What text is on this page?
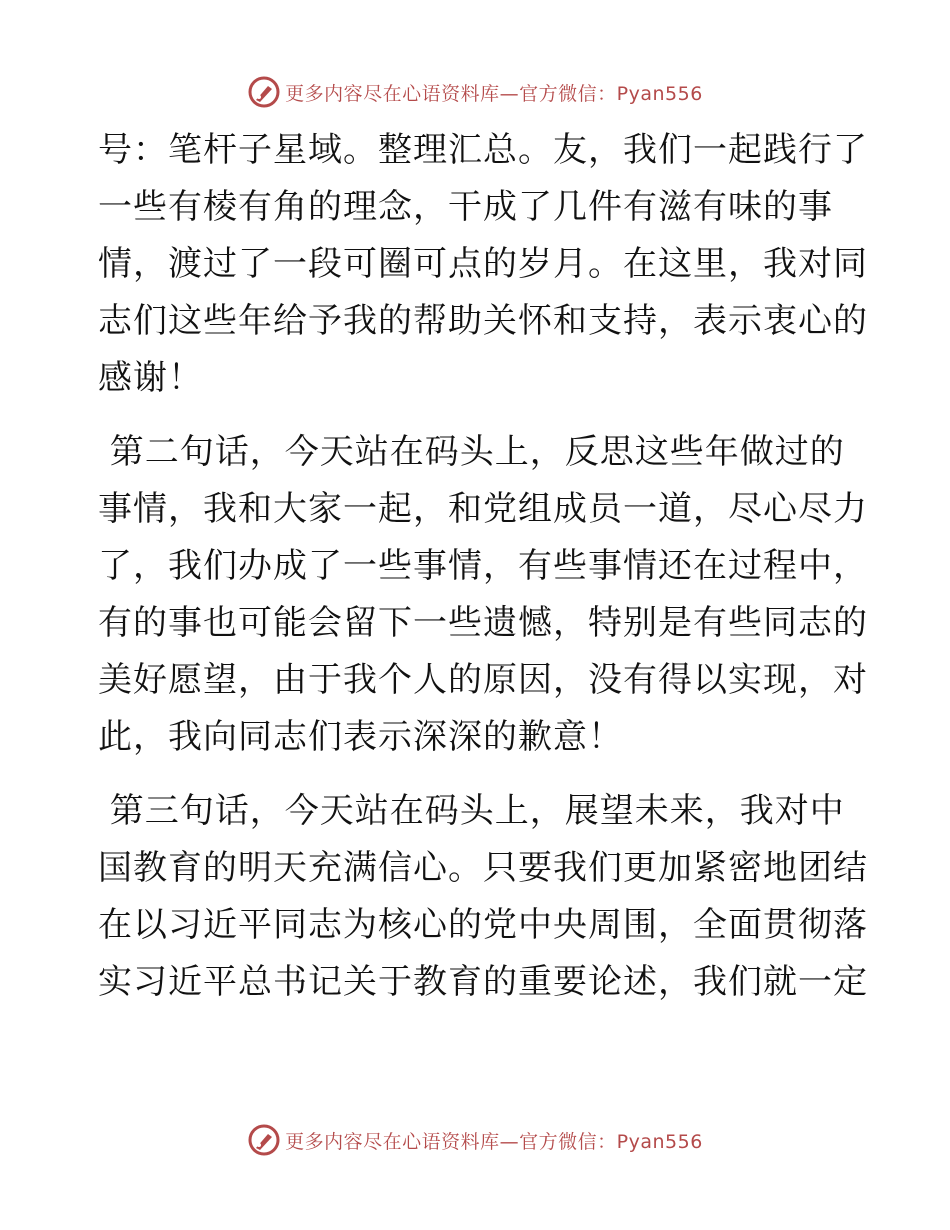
更多内容尽在心语资料库—官方微信：Pyan556
号：笔杆子星域。整理汇总。友，我们一起践行了
一些有棱有角的理念，干成了几件有滋有味的事
情，渡过了一段可圈可点的岁月。在这里，我对同
志们这些年给予我的帮助关怀和支持，表示衷心的
感谢！
第二句话，今天站在码头上，反思这些年做过的
事情，我和大家一起，和党组成员一道，尽心尽力
了，我们办成了一些事情，有些事情还在过程中，
有的事也可能会留下一些遗憾，特别是有些同志的
美好愿望，由于我个人的原因，没有得以实现，对
此，我向同志们表示深深的歉意！
第三句话，今天站在码头上，展望未来，我对中
国教育的明天充满信心。只要我们更加紧密地团结
在以习近平同志为核心的党中央周围，全面贯彻落
实习近平总书记关于教育的重要论述，我们就一定
更多内容尽在心语资料库—官方微信：Pyan556
